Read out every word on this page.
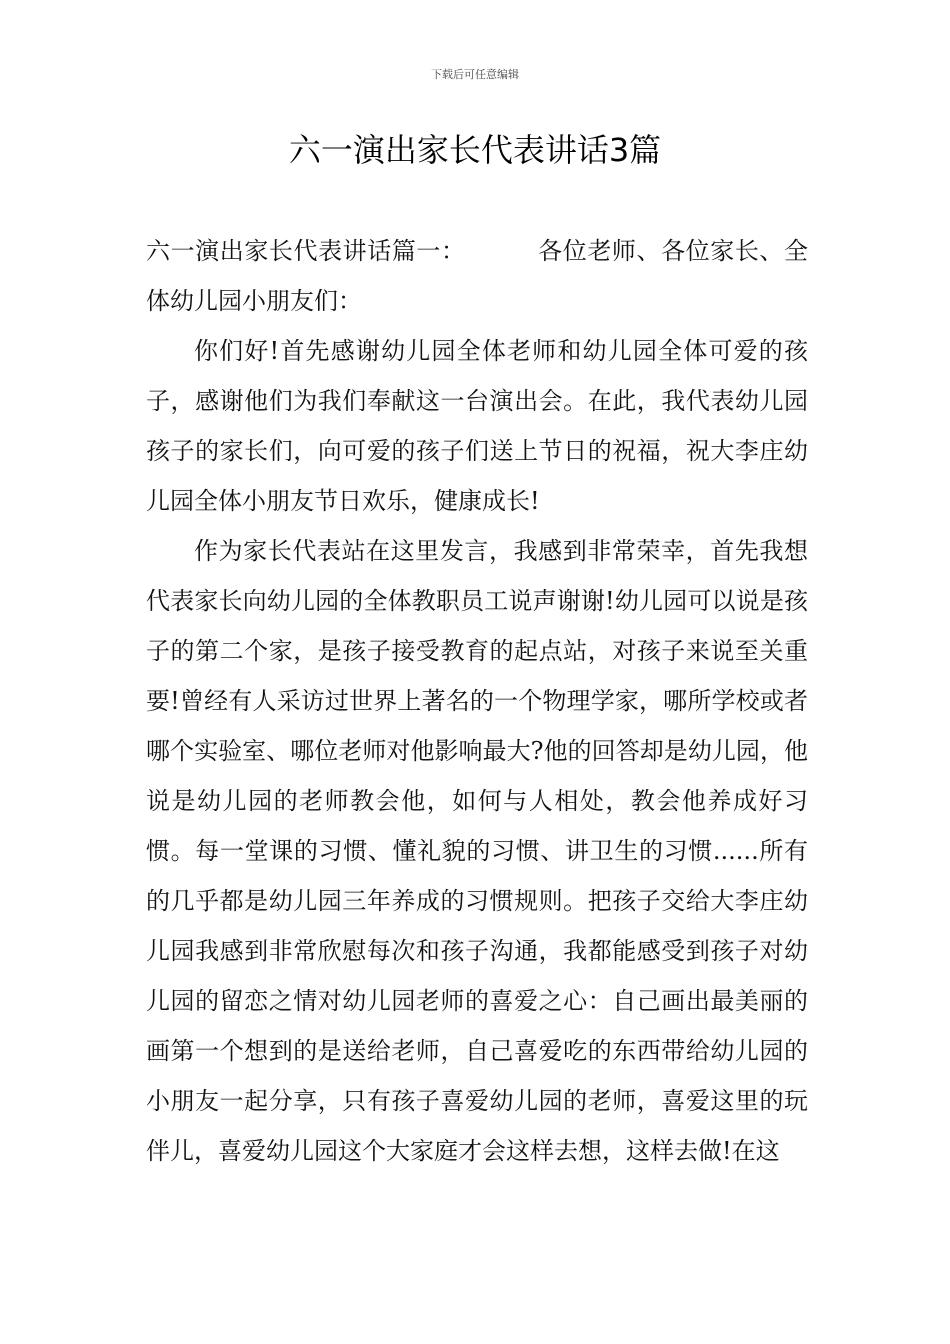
下载后可任意编辑
六一演出家长代表讲话3篇

六一演出家长代表讲话篇一：	各位老师、各位家长、全体幼儿园小朋友们：

你们好!首先感谢幼儿园全体老师和幼儿园全体可爱的孩子，感谢他们为我们奉献这一台演出会。在此，我代表幼儿园孩子的家长们，向可爱的孩子们送上节日的祝福，祝大李庄幼儿园全体小朋友节日欢乐，健康成长!

作为家长代表站在这里发言，我感到非常荣幸，首先我想代表家长向幼儿园的全体教职员工说声谢谢!幼儿园可以说是孩子的第二个家，是孩子接受教育的起点站，对孩子来说至关重要!曾经有人采访过世界上著名的一个物理学家，哪所学校或者哪个实验室、哪位老师对他影响最大?他的回答却是幼儿园，他说是幼儿园的老师教会他，如何与人相处，教会他养成好习惯。每一堂课的习惯、懂礼貌的习惯、讲卫生的习惯......所有的几乎都是幼儿园三年养成的习惯规则。把孩子交给大李庄幼儿园我感到非常欣慰每次和孩子沟通，我都能感受到孩子对幼儿园的留恋之情对幼儿园老师的喜爱之心：自己画出最美丽的画第一个想到的是送给老师，自己喜爱吃的东西带给幼儿园的小朋友一起分享，只有孩子喜爱幼儿园的老师，喜爱这里的玩伴儿，喜爱幼儿园这个大家庭才会这样去想，这样去做!在这
